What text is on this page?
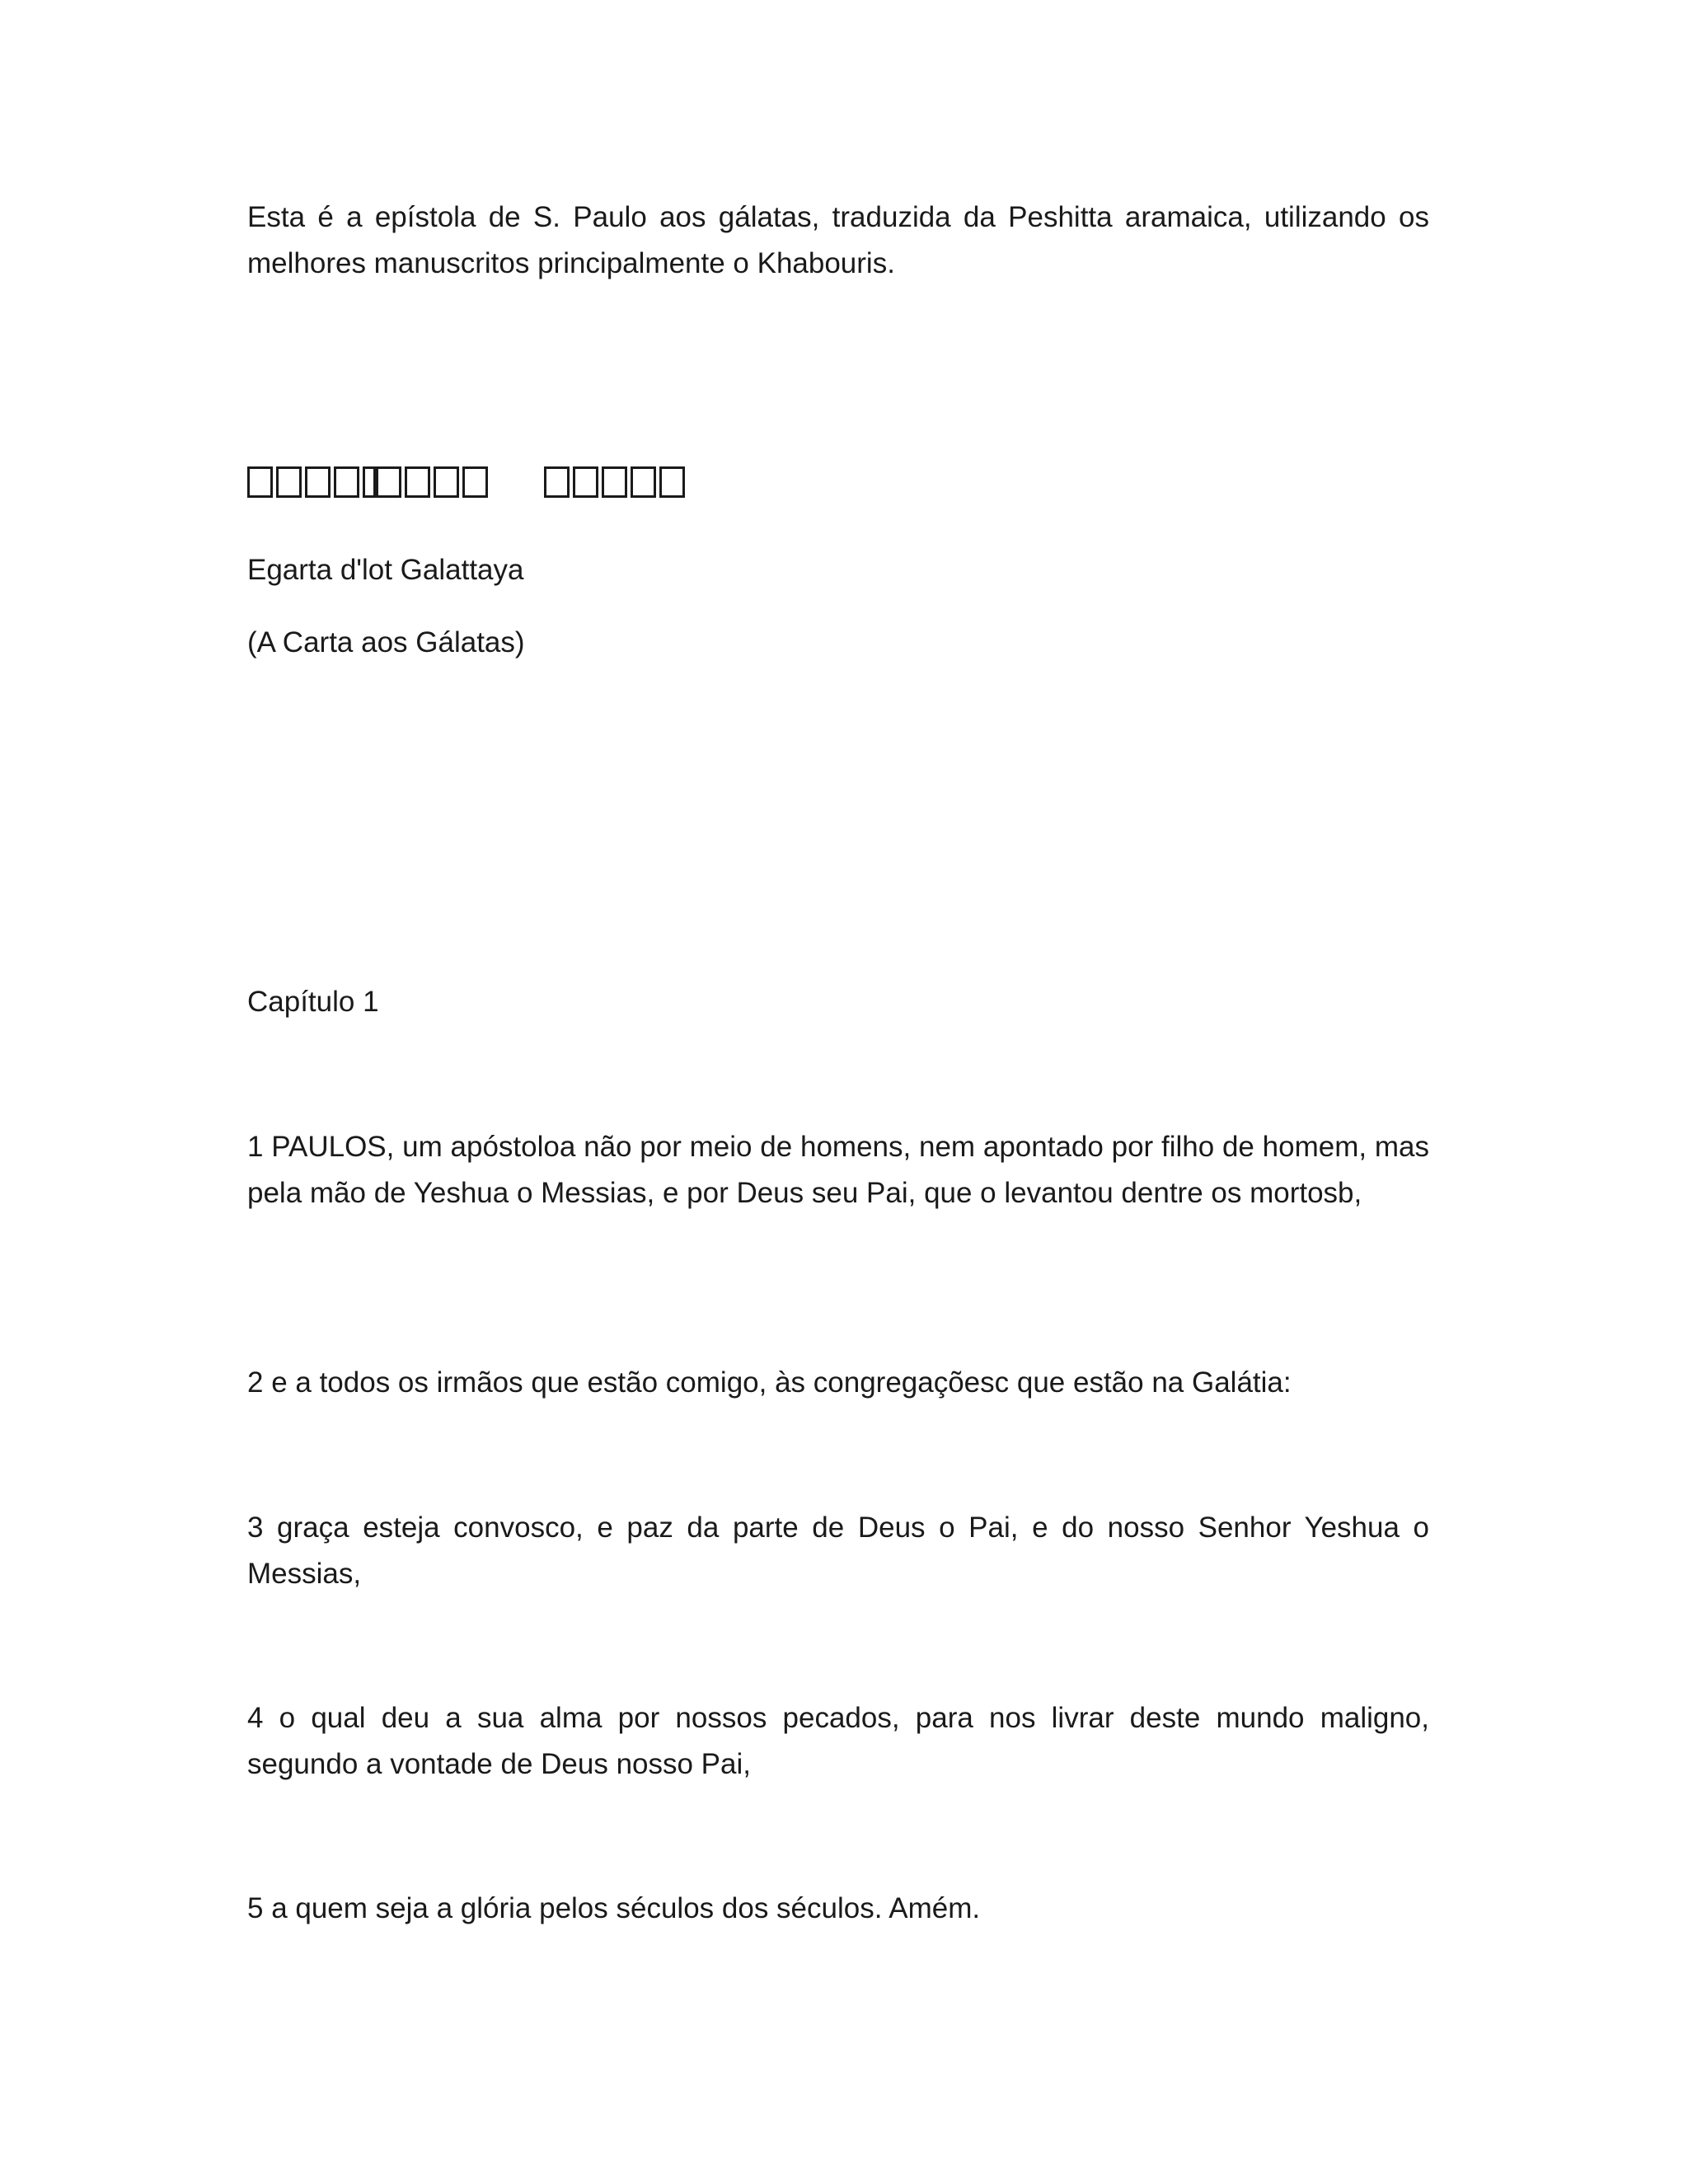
Esta é a epístola de S. Paulo aos gálatas, traduzida da Peshitta aramaica, utilizando os melhores manuscritos principalmente o Khabouris.

Egarta d'lot Galattaya

(A Carta aos Gálatas)

Capítulo 1

1 PAULOS, um apóstoloa não por meio de homens, nem apontado por filho de homem, mas pela mão de Yeshua o Messias, e por Deus seu Pai, que o levantou dentre os mortosb,

2 e a todos os irmãos que estão comigo, às congregaçõesc que estão na Galátia:

3 graça esteja convosco, e paz da parte de Deus o Pai, e do nosso Senhor Yeshua o Messias,

4 o qual deu a sua alma por nossos pecados, para nos livrar deste mundo maligno, segundo a vontade de Deus nosso Pai,

5 a quem seja a glória pelos séculos dos séculos. Amém.
